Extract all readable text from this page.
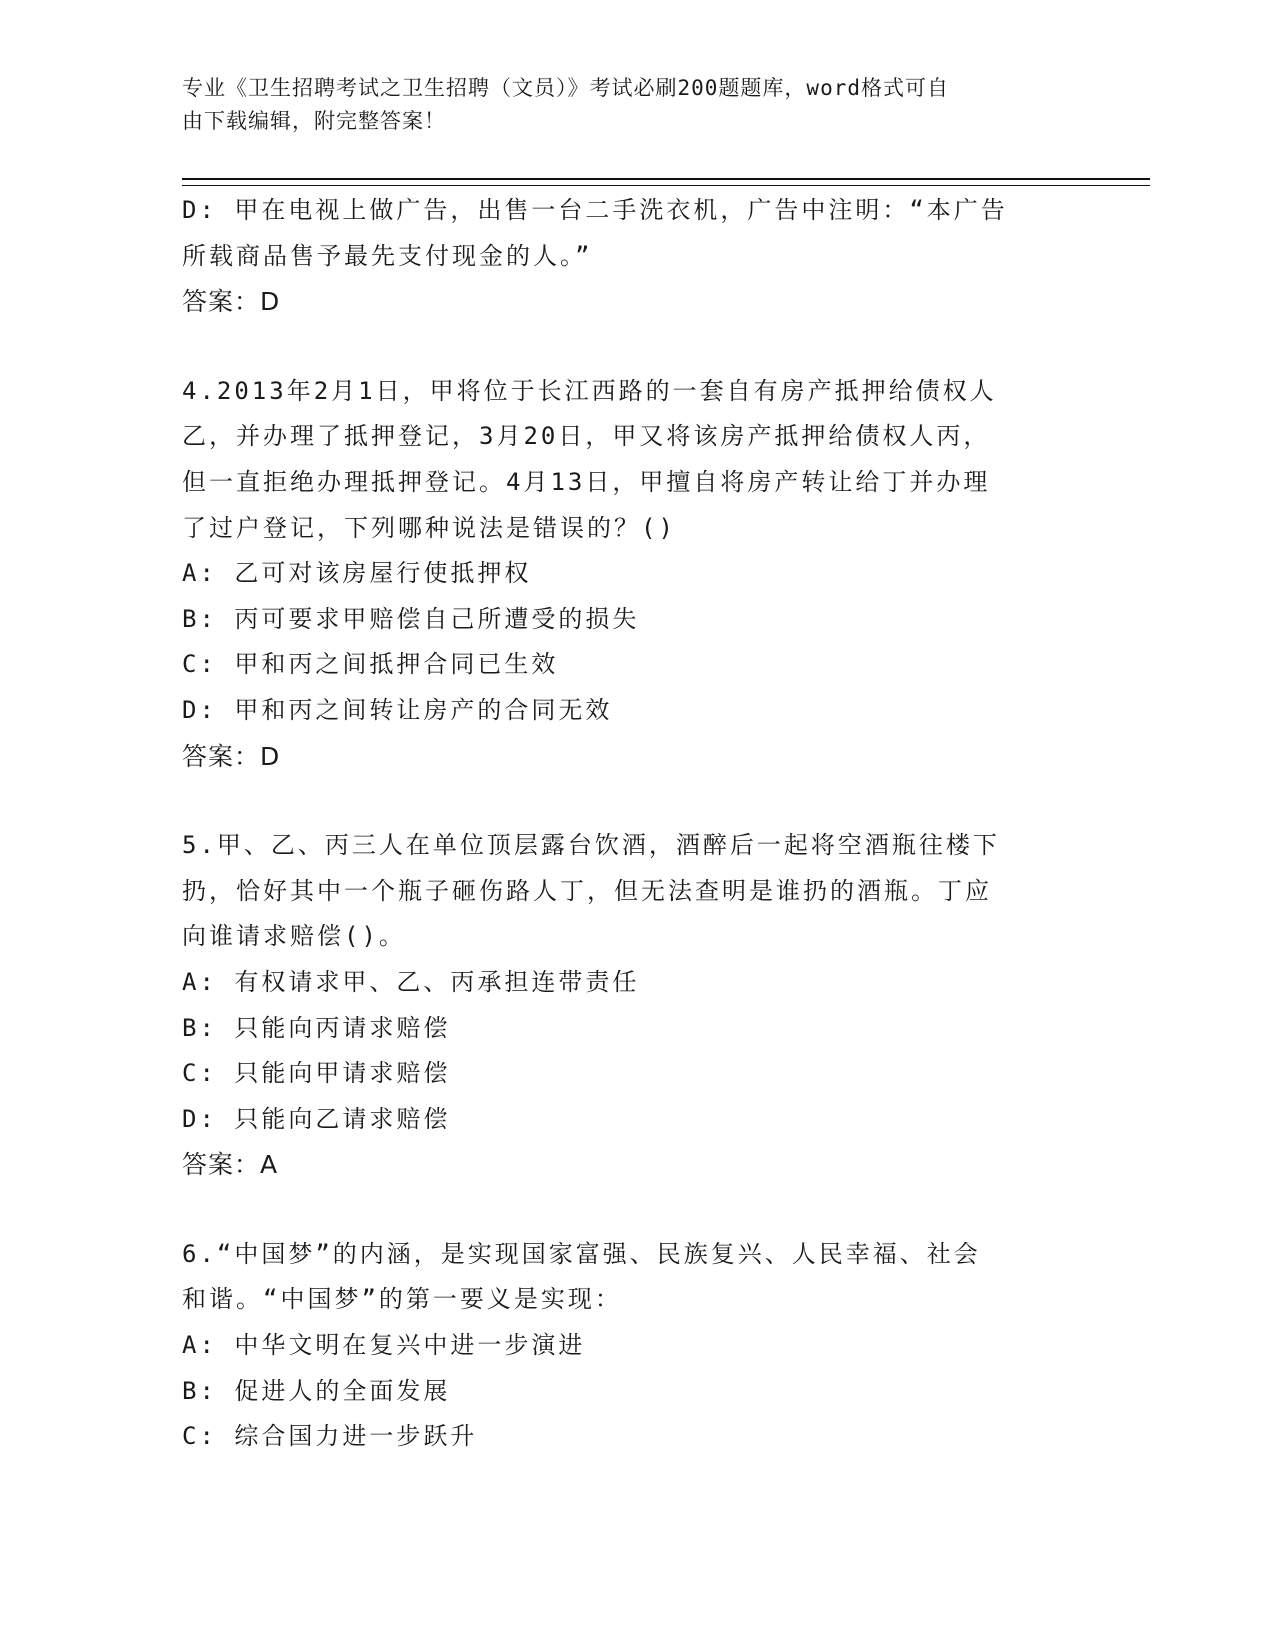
专业《卫生招聘考试之卫生招聘（文员）》考试必刷200题题库，word格式可自
由下载编辑，附完整答案！
D: 甲在电视上做广告，出售一台二手洗衣机，广告中注明：“本广告
所载商品售予最先支付现金的人。”
答案：D
4.2013年2月1日，甲将位于长江西路的一套自有房产抵押给债权人
乙，并办理了抵押登记，3月20日，甲又将该房产抵押给债权人丙，
但一直拒绝办理抵押登记。4月13日，甲擅自将房产转让给丁并办理
了过户登记，下列哪种说法是错误的？()
A: 乙可对该房屋行使抵押权
B: 丙可要求甲赔偿自己所遭受的损失
C: 甲和丙之间抵押合同已生效
D: 甲和丙之间转让房产的合同无效
答案：D
5.甲、乙、丙三人在单位顶层露台饮酒，酒醉后一起将空酒瓶往楼下
扔，恰好其中一个瓶子砸伤路人丁，但无法查明是谁扔的酒瓶。丁应
向谁请求赔偿()。
A: 有权请求甲、乙、丙承担连带责任
B: 只能向丙请求赔偿
C: 只能向甲请求赔偿
D: 只能向乙请求赔偿
答案：A
6.“中国梦”的内涵，是实现国家富强、民族复兴、人民幸福、社会
和谐。“中国梦”的第一要义是实现：
A: 中华文明在复兴中进一步演进
B: 促进人的全面发展
C: 综合国力进一步跃升
